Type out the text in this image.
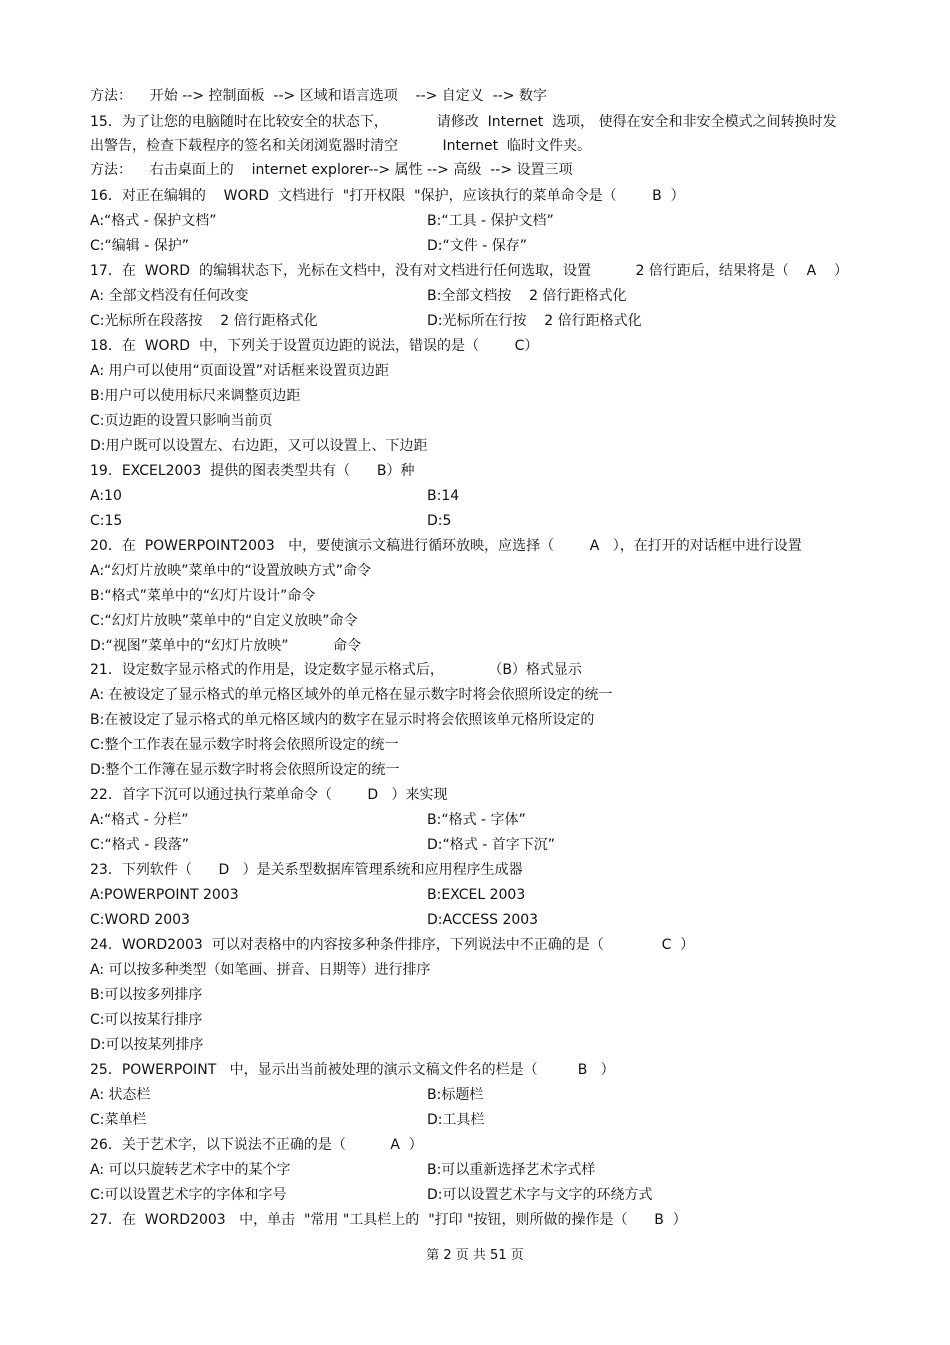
方法：    开始 --> 控制面板  --> 区域和语言选项    --> 自定义  --> 数字
15．为了让您的电脑随时在比较安全的状态下，           请修改  Internet  选项， 使得在安全和非安全模式之间转换时发
出警告，检查下载程序的签名和关闭浏览器时清空          Internet  临时文件夹。
方法：    右击桌面上的    internet explorer--> 属性 --> 高级  --> 设置三项
16．对正在编辑的    WORD  文档进行  "打开权限  "保护，应该执行的菜单命令是（        B  ）
A:“格式 - 保护文档”	B:“工具 - 保护文档”
C:“编辑 - 保护”	D:“文件 - 保存”
17．在  WORD  的编辑状态下，光标在文档中，没有对文档进行任何选取，设置          2 倍行距后，结果将是（    A    ）
A: 全部文档没有任何改变	B:全部文档按    2 倍行距格式化
C:光标所在段落按    2 倍行距格式化	D:光标所在行按    2 倍行距格式化
18．在  WORD  中，下列关于设置页边距的说法，错误的是（        C）
A: 用户可以使用“页面设置”对话框来设置页边距
B:用户可以使用标尺来调整页边距
C:页边距的设置只影响当前页
D:用户既可以设置左、右边距，又可以设置上、下边距
19．EXCEL2003  提供的图表类型共有（      B）种
A:10	B:14
C:15	D:5
20．在  POWERPOINT2003   中，要使演示文稿进行循环放映，应选择（        A   ），在打开的对话框中进行设置
A:“幻灯片放映”菜单中的“设置放映方式”命令
B:“格式”菜单中的“幻灯片设计”命令
C:“幻灯片放映”菜单中的“自定义放映”命令
D:“视图”菜单中的“幻灯片放映”          命令
21．设定数字显示格式的作用是，设定数字显示格式后，          （B）格式显示
A: 在被设定了显示格式的单元格区域外的单元格在显示数字时将会依照所设定的统一
B:在被设定了显示格式的单元格区域内的数字在显示时将会依照该单元格所设定的
C:整个工作表在显示数字时将会依照所设定的统一
D:整个工作簿在显示数字时将会依照所设定的统一
22．首字下沉可以通过执行菜单命令（        D   ）来实现
A:“格式 - 分栏”	B:“格式 - 字体”
C:“格式 - 段落”	D:“格式 - 首字下沉”
23．下列软件（      D   ）是关系型数据库管理系统和应用程序生成器
A:POWERPOINT 2003	B:EXCEL 2003
C:WORD 2003	D:ACCESS 2003
24．WORD2003  可以对表格中的内容按多种条件排序，下列说法中不正确的是（             C  ）
A: 可以按多种类型（如笔画、拼音、日期等）进行排序
B:可以按多列排序
C:可以按某行排序
D:可以按某列排序
25．POWERPOINT   中，显示出当前被处理的演示文稿文件名的栏是（         B   ）
A: 状态栏	B:标题栏
C:菜单栏	D:工具栏
26．关于艺术字，以下说法不正确的是（          A  ）
A: 可以只旋转艺术字中的某个字	B:可以重新选择艺术字式样
C:可以设置艺术字的字体和字号	D:可以设置艺术字与文字的环绕方式
27．在  WORD2003   中，单击  "常用 "工具栏上的  "打印 "按钮，则所做的操作是（      B  ）
第 2 页 共 51 页
